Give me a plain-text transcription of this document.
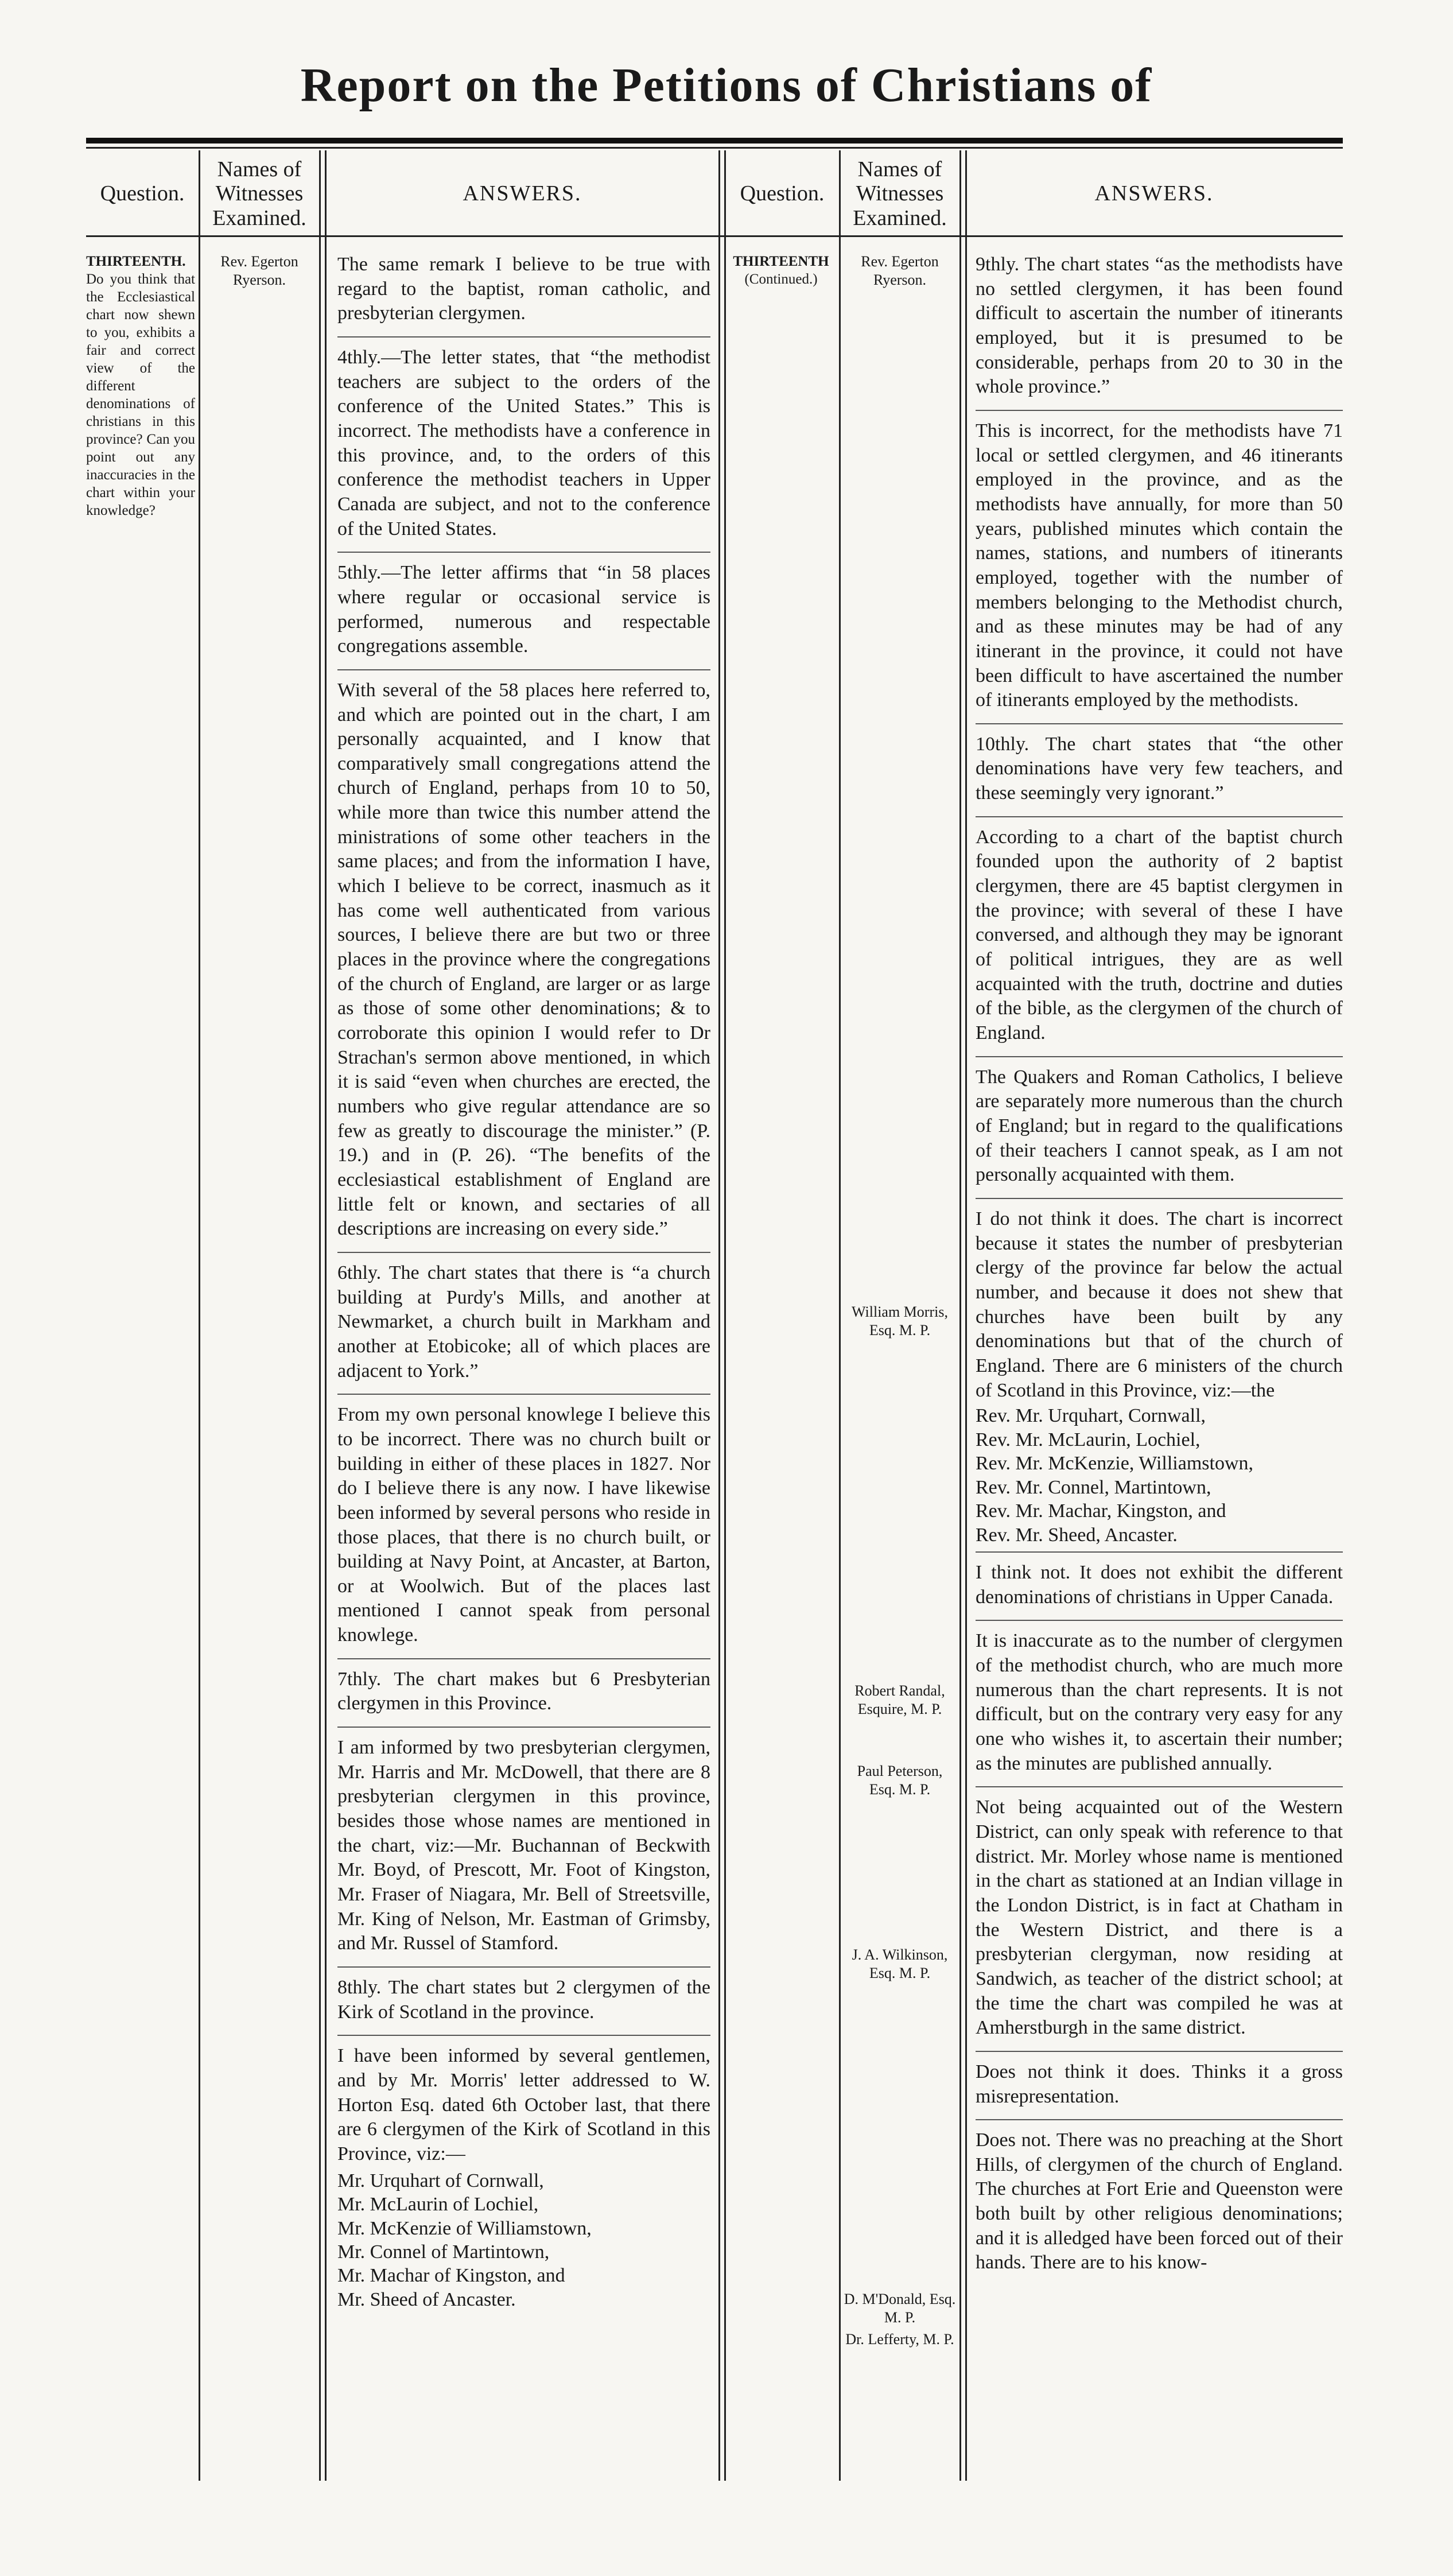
Report on the Petitions of Christians of
Question.
Names of Witnesses Examined.
ANSWERS.	Question.
Names of Witnesses Examined.
ANSWERS.
THIRTEENTH. Do you think that the Ecclesiastical chart now shewn to you, exhibits a fair and correct view of the different denominations of christians in this province? Can you point out any inaccuracies in the chart within your knowledge?
Rev. Egerton Ryerson.

The same remark I believe to be true with regard to the baptist, roman catholic, and presbyterian clergymen.

4thly.—The letter states, that “the methodist teachers are subject to the orders of the conference of the United States.” This is incorrect. The methodists have a conference in this province, and, to the orders of this conference the methodist teachers in Upper Canada are subject, and not to the conference of the United States.

5thly.—The letter affirms that “in 58 places where regular or occasional service is performed, numerous and respectable congregations assemble.

With several of the 58 places here referred to, and which are pointed out in the chart, I am personally acquainted, and I know that comparatively small congregations attend the church of England, perhaps from 10 to 50, while more than twice this number attend the ministrations of some other teachers in the same places; and from the information I have, which I believe to be correct, inasmuch as it has come well authenticated from various sources, I believe there are but two or three places in the province where the congregations of the church of England, are larger or as large as those of some other denominations; & to corroborate this opinion I would refer to Dr Strachan's sermon above mentioned, in which it is said “even when churches are erected, the numbers who give regular attendance are so few as greatly to discourage the minister.” (P. 19.) and in (P. 26). “The benefits of the ecclesiastical establishment of England are little felt or known, and sectaries of all descriptions are increasing on every side.”

6thly. The chart states that there is “a church building at Purdy's Mills, and another at Newmarket, a church built in Markham and another at Etobicoke; all of which places are adjacent to York.”

From my own personal knowlege I believe this to be incorrect. There was no church built or building in either of these places in 1827. Nor do I believe there is any now. I have likewise been informed by several persons who reside in those places, that there is no church built, or building at Navy Point, at Ancaster, at Barton, or at Woolwich. But of the places last mentioned I cannot speak from personal knowlege.

7thly. The chart makes but 6 Presbyterian clergymen in this Province.

I am informed by two presbyterian clergymen, Mr. Harris and Mr. McDowell, that there are 8 presbyterian clergymen in this province, besides those whose names are mentioned in the chart, viz:—Mr. Buchannan of Beckwith Mr. Boyd, of Prescott, Mr. Foot of Kingston, Mr. Fraser of Niagara, Mr. Bell of Streetsville, Mr. King of Nelson, Mr. Eastman of Grimsby, and Mr. Russel of Stamford.

8thly. The chart states but 2 clergymen of the Kirk of Scotland in the province.

I have been informed by several gentlemen, and by Mr. Morris' letter addressed to W. Horton Esq. dated 6th October last, that there are 6 clergymen of the Kirk of Scotland in this Province, viz:—

Mr. Urquhart of Cornwall,
Mr. McLaurin of Lochiel,
Mr. McKenzie of Williamstown,
Mr. Connel of Martintown,
Mr. Machar of Kingston, and
Mr. Sheed of Ancaster.
THIRTEENTH
(Continued.)
Rev. Egerton Ryerson.
William Morris, Esq. M. P.
Robert Randal, Esquire, M. P.
Paul Peterson, Esq. M. P.
J. A. Wilkinson, Esq. M. P.
D. M'Donald, Esq. M. P.
Dr. Lefferty, M. P.

9thly. The chart states “as the methodists have no settled clergymen, it has been found difficult to ascertain the number of itinerants employed, but it is presumed to be considerable, perhaps from 20 to 30 in the whole province.”

This is incorrect, for the methodists have 71 local or settled clergymen, and 46 itinerants employed in the province, and as the methodists have annually, for more than 50 years, published minutes which contain the names, stations, and numbers of itinerants employed, together with the number of members belonging to the Methodist church, and as these minutes may be had of any itinerant in the province, it could not have been difficult to have ascertained the number of itinerants employed by the methodists.

10thly. The chart states that “the other denominations have very few teachers, and these seemingly very ignorant.”

According to a chart of the baptist church founded upon the authority of 2 baptist clergymen, there are 45 baptist clergymen in the province; with several of these I have conversed, and although they may be ignorant of political intrigues, they are as well acquainted with the truth, doctrine and duties of the bible, as the clergymen of the church of England.

The Quakers and Roman Catholics, I believe are separately more numerous than the church of England; but in regard to the qualifications of their teachers I cannot speak, as I am not personally acquainted with them.

I do not think it does. The chart is incorrect because it states the number of presbyterian clergy of the province far below the actual number, and because it does not shew that churches have been built by any denominations but that of the church of England. There are 6 ministers of the church of Scotland in this Province, viz:—the

Rev. Mr. Urquhart, Cornwall,
Rev. Mr. McLaurin, Lochiel,
Rev. Mr. McKenzie, Williamstown,
Rev. Mr. Connel, Martintown,
Rev. Mr. Machar, Kingston, and
Rev. Mr. Sheed, Ancaster.

I think not. It does not exhibit the different denominations of christians in Upper Canada.

It is inaccurate as to the number of clergymen of the methodist church, who are much more numerous than the chart represents. It is not difficult, but on the contrary very easy for any one who wishes it, to ascertain their number; as the minutes are published annually.

Not being acquainted out of the Western District, can only speak with reference to that district. Mr. Morley whose name is mentioned in the chart as stationed at an Indian village in the London District, is in fact at Chatham in the Western District, and there is a presbyterian clergyman, now residing at Sandwich, as teacher of the district school; at the time the chart was compiled he was at Amherstburgh in the same district.

Does not think it does. Thinks it a gross misrepresentation.

Does not. There was no preaching at the Short Hills, of clergymen of the church of England. The churches at Fort Erie and Queenston were both built by other religious denominations; and it is alledged have been forced out of their hands. There are to his know-
